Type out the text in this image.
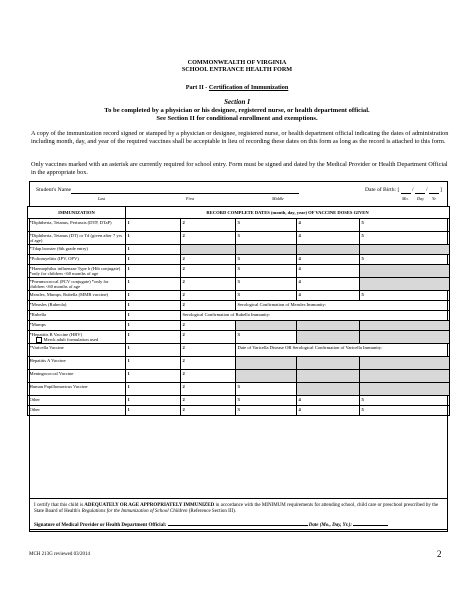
COMMONWEALTH OF VIRGINIA
SCHOOL ENTRANCE HEALTH FORM
Part II - Certification of Immunization
Section I
To be completed by a physician or his designee, registered nurse, or health department official.
See Section II for conditional enrollment and exemptions.
A copy of the immunization record signed or stamped by a physician or designee, registered nurse, or health department official indicating the dates of administration including month, day, and year of the required vaccines shall be acceptable in lieu of recording these dates on this form as long as the record is attached to this form.
Only vaccines marked with an asterisk are currently required for school entry. Form must be signed and dated by the Medical Provider or Health Department Official in the appropriate box.
Student's Name	Date of Birth: [ / / ]
Last	First	Middle	Mo. Day Yr.
IMMUNIZATION	RECORD COMPLETE DATES (month, day, year) OF VACCINE DOSES GIVEN				
*Diphtheria, Tetanus, Pertussis (DTP, DTaP)	1	2	3	4	5
*Diphtheria, Tetanus (DT) or Td (given after 7 yrs of age)	1	2	3	4	5
*Tdap booster (6th grade entry)	1				
*Poliomyelitis (IPV, OPV)	1	2	3	4	5
*Haemophilus influenzae Type b (Hib conjugate) *only for children <60 months of age	1	2	3	4	
*Pneumococcal (PCV conjugate) *only for children <60 months of age	1	2	3	4	
Measles, Mumps, Rubella (MMR vaccine)	1	2	3	4	5
*Measles (Rubeola)	1	2	Serological Confirmation of Measles Immunity:		
*Rubella	1	Serological Confirmation of Rubella Immunity:			
*Mumps	1	2			
*Hepatitis B Vaccine (HBV)
Merck adult formulation used	1	2	3		
*Varicella Vaccine	1	2	Date of Varicella Disease OR Serological Confirmation of Varicella Immunity:		
Hepatitis A Vaccine	1	2			
Meningococcal Vaccine	1	2			
Human Papillomavirus Vaccine	1	2	3		
Other	1	2	3	4	5
Other	1	2	3	4	5
I certify that this child is ADEQUATELY OR AGE APPROPRIATELY IMMUNIZED in accordance with the MINIMUM requirements for attending school, child care or preschool prescribed by the State Board of Health's Regulations for the Immunization of School Children (Reference Section III).
Signature of Medical Provider or Health Department Official:	Date (Mo., Day, Yr.):
MCH 213G reviewed 03/2014	2
